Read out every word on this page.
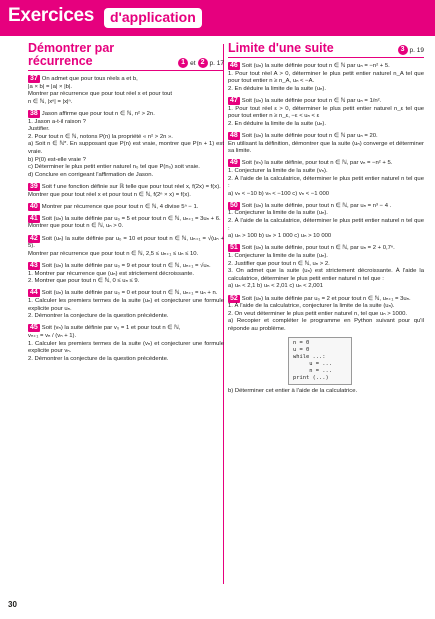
Exercices	d'application
Démontrer par récurrence	1 et 2 p. 17
37 On admet que pour tous réels a et b,

|a × b| = |a| × |b|.

Montrer par récurrence que pour tout réel x et pour tout

n ∈ ℕ, |xⁿ| = |x|ⁿ.

38 Jason affirme que pour tout n ∈ ℕ, n² > 2n.

1. Jason a-t-il raison ?

Justifier.

2. Pour tout n ∈ ℕ, notons P(n) la propriété « n² > 2n ».

a) Soit n ∈ ℕ*. En supposant que P(n) est vraie, montrer que P(n + 1) est vraie.

b) P(0) est-elle vraie ?

c) Déterminer le plus petit entier naturel n₀ tel que P(n₀) soit vraie.

d) Conclure en corrigeant l'affirmation de Jason.

39 Soit f une fonction définie sur ℝ telle que pour tout réel x, f(2x) = f(x).

Montrer que pour tout réel x et pour tout n ∈ ℕ, f(2ⁿ × x) = f(x).

40 Montrer par récurrence que pour tout n ∈ ℕ, 4 divise 5ⁿ − 1.

41 Soit (uₙ) la suite définie par u₀ = 5 et pour tout n ∈ ℕ, uₙ₊₁ = 3uₙ + 6.

Montrer que pour tout n ∈ ℕ, uₙ > 0.

42 Soit (uₙ) la suite définie par u₀ = 10 et pour tout n ∈ ℕ, uₙ₊₁ = √(uₙ + 5).

Montrer par récurrence que pour tout n ∈ ℕ, 2,5 ≤ uₙ₊₁ ≤ uₙ ≤ 10.

43 Soit (uₙ) la suite définie par u₀ = 9 et pour tout n ∈ ℕ, uₙ₊₁ = √uₙ.

1. Montrer par récurrence que (uₙ) est strictement décroissante.

2. Montrer que pour tout n ∈ ℕ, 0 ≤ uₙ ≤ 9.

44 Soit (uₙ) la suite définie par u₀ = 0 et pour tout n ∈ ℕ, uₙ₊₁ = uₙ + n.

1. Calculer les premiers termes de la suite (uₙ) et conjecturer une formule explicite pour uₙ.

2. Démontrer la conjecture de la question précédente.

45 Soit (vₙ) la suite définie par v₀ = 1 et pour tout n ∈ ℕ,

vₙ₊₁ = vₙ / (vₙ + 1).

1. Calculer les premiers termes de la suite (vₙ) et conjecturer une formule explicite pour vₙ.

2. Démontrer la conjecture de la question précédente.

Limite d'une suite	3 p. 19
46 Soit (uₙ) la suite définie pour tout n ∈ ℕ par uₙ = −n² + 5.

1. Pour tout réel A > 0, déterminer le plus petit entier naturel n_A tel que pour tout entier n ≥ n_A, uₙ < −A.

2. En déduire la limite de la suite (uₙ).

47 Soit (uₙ) la suite définie pour tout n ∈ ℕ par uₙ = 1/n².

1. Pour tout réel ε > 0, déterminer le plus petit entier naturel n_ε tel que pour tout entier n ≥ n_ε, −ε < uₙ < ε

2. En déduire la limite de la suite (uₙ).

48 Soit (uₙ) la suite définie pour tout n ∈ ℕ par uₙ = 20.

En utilisant la définition, démontrer que la suite (uₙ) converge et déterminer sa limite.

49 Soit (vₙ) la suite définie, pour tout n ∈ ℕ, par vₙ = −n² + 5.

1. Conjecturer la limite de la suite (vₙ).

2. À l'aide de la calculatrice, déterminer le plus petit entier naturel n tel que :

a) vₙ < −10 b) vₙ < −100 c) vₙ < −1 000

50 Soit (uₙ) la suite définie, pour tout n ∈ ℕ, par uₙ = n³ − 4 .

1. Conjecturer la limite de la suite (uₙ).

2. À l'aide de la calculatrice, déterminer le plus petit entier naturel n tel que :

a) uₙ > 100 b) uₙ > 1 000 c) uₙ > 10 000

51 Soit (uₙ) la suite définie, pour tout n ∈ ℕ, par uₙ = 2 + 0,7ⁿ.

1. Conjecturer la limite de la suite (uₙ).

2. Justifier que pour tout n ∈ ℕ, uₙ > 2.

3. On admet que la suite (uₙ) est strictement décroissante. À l'aide la calculatrice, déterminer le plus petit entier naturel n tel que :

a) uₙ < 2,1 b) uₙ < 2,01 c) uₙ < 2,001

52 Soit (uₙ) la suite définie par u₀ = 2 et pour tout n ∈ ℕ, uₙ₊₁ = 3uₙ.

1. À l'aide de la calculatrice, conjecturer la limite de la suite (uₙ).

2. On veut déterminer le plus petit entier naturel n, tel que uₙ > 1000.

a) Recopier et compléter le programme en Python suivant pour qu'il réponde au problème.

n = 0
u = 0
while ...:
u = ...
n = ...
print (...)
b) Déterminer cet entier à l'aide de la calculatrice.
30
